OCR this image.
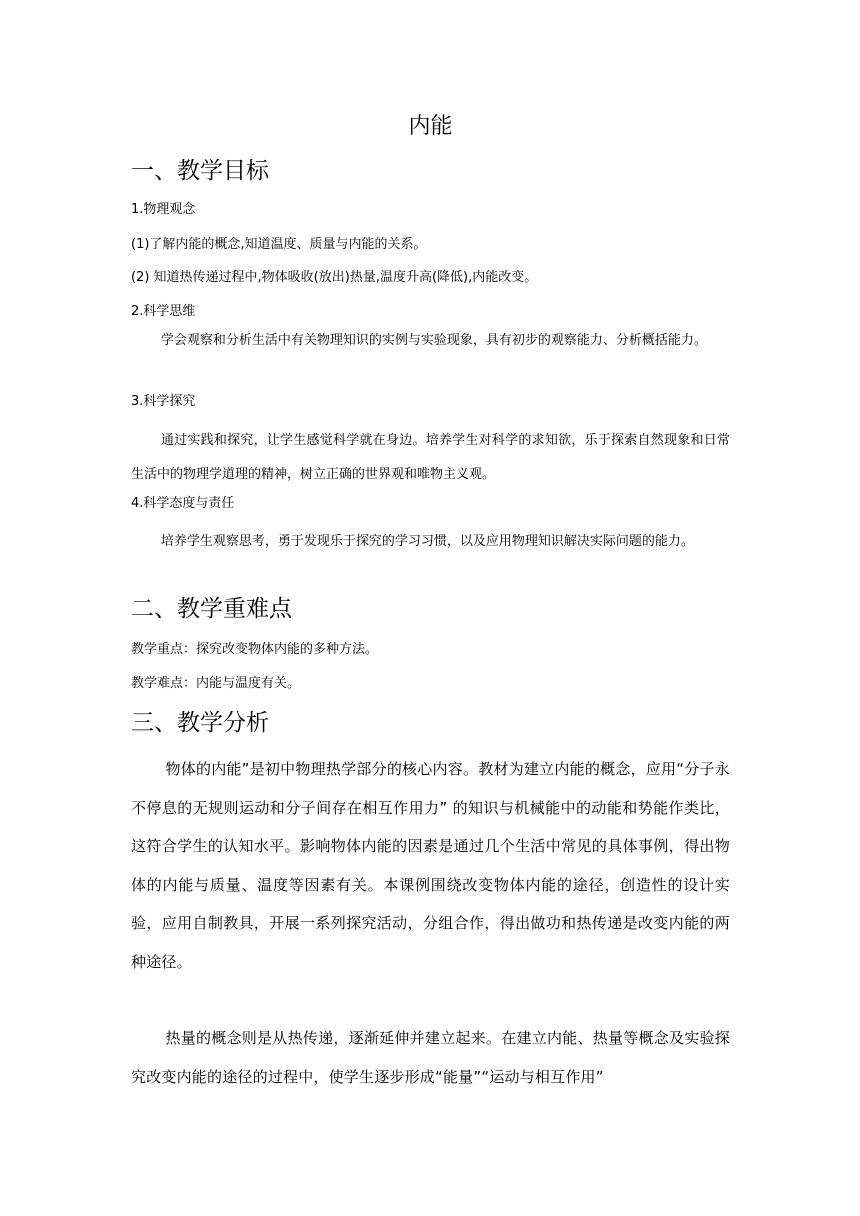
内能
一、教学目标
1.物理观念
(1)了解内能的概念,知道温度、质量与内能的关系。
(2) 知道热传递过程中,物体吸收(放出)热量,温度升高(降低),内能改变。
2.科学思维
学会观察和分析生活中有关物理知识的实例与实验现象，具有初步的观察能力、分析概括能力。
3.科学探究
通过实践和探究，让学生感觉科学就在身边。培养学生对科学的求知欲，乐于探索自然现象和日常生活中的物理学道理的精神，树立正确的世界观和唯物主义观。
4.科学态度与责任
培养学生观察思考，勇于发现乐于探究的学习习惯，以及应用物理知识解决实际问题的能力。
二、教学重难点
教学重点：探究改变物体内能的多种方法。
教学难点：内能与温度有关。
三、教学分析
物体的内能”是初中物理热学部分的核心内容。教材为建立内能的概念，应用“分子永不停息的无规则运动和分子间存在相互作用力” 的知识与机械能中的动能和势能作类比，这符合学生的认知水平。影响物体内能的因素是通过几个生活中常见的具体事例，得出物体的内能与质量、温度等因素有关。本课例围绕改变物体内能的途径，创造性的设计实验，应用自制教具，开展一系列探究活动，分组合作，得出做功和热传递是改变内能的两种途径。
热量的概念则是从热传递，逐渐延伸并建立起来。在建立内能、热量等概念及实验探究改变内能的途径的过程中，使学生逐步形成“能量”“运动与相互作用”
